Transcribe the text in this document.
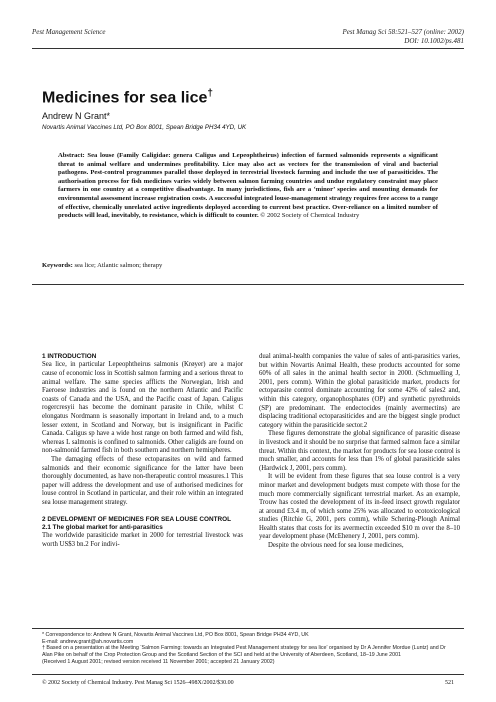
Pest Management Science	Pest Manag Sci 58:521–527 (online: 2002)
DOI: 10.1002/ps.481
Medicines for sea lice†
Andrew N Grant*
Novartis Animal Vaccines Ltd, PO Box 8001, Spean Bridge PH34 4YD, UK
Abstract: Sea louse (Family Caligidae: genera Caligus and Lepeophtheirus) infection of farmed salmonids represents a significant threat to animal welfare and undermines profitability. Lice may also act as vectors for the transmission of viral and bacterial pathogens. Pest-control programmes parallel those deployed in terrestrial livestock farming and include the use of parasiticides. The authorisation process for fish medicines varies widely between salmon farming countries and undue regulatory constraint may place farmers in one country at a competitive disadvantage. In many jurisdictions, fish are a ‘minor’ species and mounting demands for environmental assessment increase registration costs. A successful integrated louse-management strategy requires free access to a range of effective, chemically unrelated active ingredients deployed according to current best practice. Over-reliance on a limited number of products will lead, inevitably, to resistance, which is difficult to counter. © 2002 Society of Chemical Industry
Keywords: sea lice; Atlantic salmon; therapy
1 INTRODUCTION

Sea lice, in particular Lepeophtheirus salmonis (Krøyer) are a major cause of economic loss in Scottish salmon farming and a serious threat to animal welfare. The same species afflicts the Norwegian, Irish and Faeroese industries and is found on the northern Atlantic and Pacific coasts of Canada and the USA, and the Pacific coast of Japan. Caligus rogercresyii has become the dominant parasite in Chile, whilst C elongatus Nordmann is seasonally important in Ireland and, to a much lesser extent, in Scotland and Norway, but is insignificant in Pacific Canada. Caligus sp have a wide host range on both farmed and wild fish, whereas L salmonis is confined to salmonids. Other caligids are found on non-salmonid farmed fish in both southern and northern hemispheres.

The damaging effects of these ectoparasites on wild and farmed salmonids and their economic significance for the latter have been thoroughly documented, as have non-therapeutic control measures.1 This paper will address the development and use of authorised medicines for louse control in Scotland in particular, and their role within an integrated sea louse management strategy.

2 DEVELOPMENT OF MEDICINES FOR SEA LOUSE CONTROL
2.1 The global market for anti-parasitics

The worldwide parasiticide market in 2000 for terrestrial livestock was worth US$3 bn.2 For indivi-

dual animal-health companies the value of sales of anti-parasitics varies, but within Novartis Animal Health, these products accounted for some 60% of all sales in the animal health sector in 2000. (Schmuelling J, 2001, pers comm). Within the global parasiticide market, products for ectoparasite control dominate accounting for some 42% of sales2 and, within this category, organophosphates (OP) and synthetic pyrethroids (SP) are predominant. The endectocides (mainly avermectins) are displacing traditional ectoparasiticides and are the biggest single product category within the parasiticide sector.2

These figures demonstrate the global significance of parasitic disease in livestock and it should be no surprise that farmed salmon face a similar threat. Within this context, the market for products for sea louse control is much smaller, and accounts for less than 1% of global parasiticide sales (Hardwick J, 2001, pers comm).

It will be evident from these figures that sea louse control is a very minor market and development budgets must compete with those for the much more commercially significant terrestrial market. As an example, Trouw has costed the development of its in-feed insect growth regulator at around £3.4 m, of which some 25% was allocated to ecotoxicological studies (Ritchie G, 2001, pers comm), while Schering-Plough Animal Health states that costs for its avermectin exceeded $10 m over the 8–10 year development phase (McEhenery J, 2001, pers comm).

Despite the obvious need for sea louse medicines,

* Correspondence to: Andrew N Grant, Novartis Animal Vaccines Ltd, PO Box 8001, Spean Bridge PH34 4YD, UK

E-mail: andrew.grant@ah.novartis.com

† Based on a presentation at the Meeting ‘Salmon Farming: towards an Integrated Pest Management strategy for sea lice’ organised by Dr A Jennifer Mordue (Luntz) and Dr Alan Pike on behalf of the Crop Protection Group and the Scotland Section of the SCI and held at the University of Aberdeen, Scotland, 18–19 June 2001

(Received 1 August 2001; revised version received 11 November 2001; accepted 21 January 2002)

© 2002 Society of Chemical Industry. Pest Manag Sci 1526–498X/2002/$30.00	521
